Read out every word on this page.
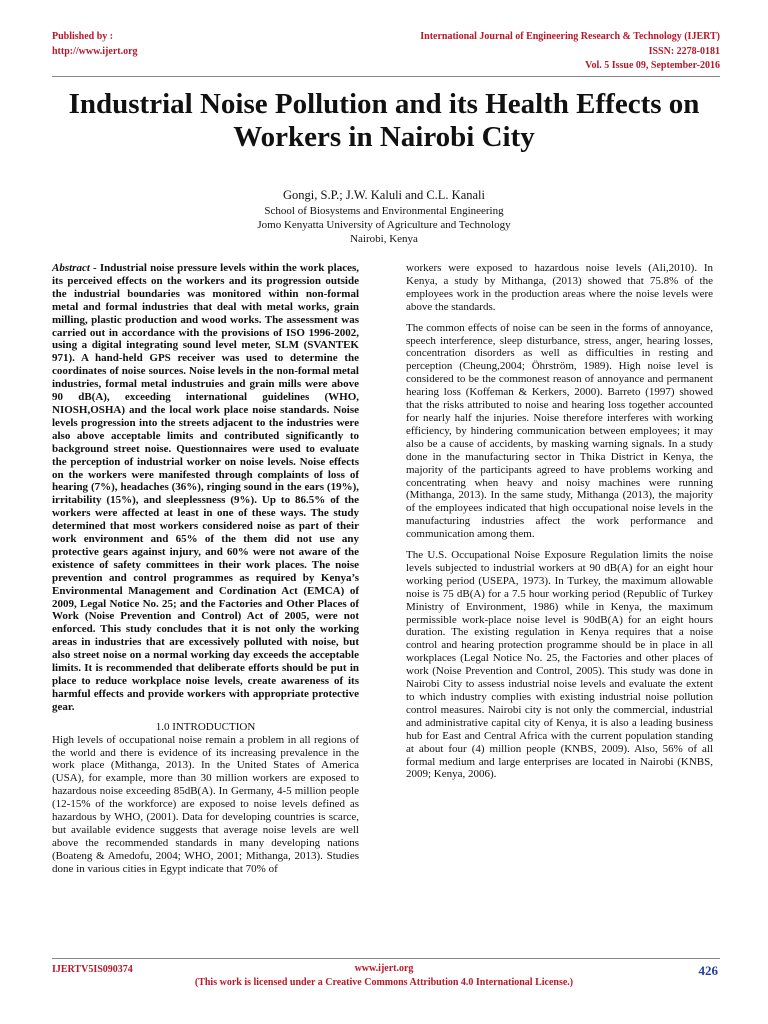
Published by :
http://www.ijert.org
International Journal of Engineering Research & Technology (IJERT)
ISSN: 2278-0181
Vol. 5 Issue 09, September-2016
Industrial Noise Pollution and its Health Effects on Workers in Nairobi City
Gongi, S.P.; J.W. Kaluli and C.L. Kanali
School of Biosystems and Environmental Engineering
Jomo Kenyatta University of Agriculture and Technology
Nairobi, Kenya

Abstract - Industrial noise pressure levels within the work places, its perceived effects on the workers and its progression outside the industrial boundaries was monitored within non-formal metal and formal industries that deal with metal works, grain milling, plastic production and wood works. The assessment was carried out in accordance with the provisions of ISO 1996-2002, using a digital integrating sound level meter, SLM (SVANTEK 971). A hand-held GPS receiver was used to determine the coordinates of noise sources. Noise levels in the non-formal metal industries, formal metal industruies and grain mills were above 90 dB(A), exceeding international guidelines (WHO, NIOSH,OSHA) and the local work place noise standards. Noise levels progression into the streets adjacent to the industries were also above acceptable limits and contributed significantly to background street noise. Questionnaires were used to evaluate the perception of industrial worker on noise levels. Noise effects on the workers were manifested through complaints of loss of hearing (7%), headaches (36%), ringing sound in the ears (19%), irritability (15%), and sleeplessness (9%). Up to 86.5% of the workers were affected at least in one of these ways. The study determined that most workers considered noise as part of their work environment and 65% of the them did not use any protective gears against injury, and 60% were not aware of the existence of safety committees in their work places. The noise prevention and control programmes as required by Kenya’s Environmental Management and Cordination Act (EMCA) of 2009, Legal Notice No. 25; and the Factories and Other Places of Work (Noise Prevention and Control) Act of 2005, were not enforced. This study concludes that it is not only the working areas in industries that are excessively polluted with noise, but also street noise on a normal working day exceeds the acceptable limits. It is recommended that deliberate efforts should be put in place to reduce workplace noise levels, create awareness of its harmful effects and provide workers with appropriate protective gear.

1.0 INTRODUCTION

High levels of occupational noise remain a problem in all regions of the world and there is evidence of its increasing prevalence in the work place (Mithanga, 2013). In the United States of America (USA), for example, more than 30 million workers are exposed to hazardous noise exceeding 85dB(A). In Germany, 4-5 million people (12-15% of the workforce) are exposed to noise levels defined as hazardous by WHO, (2001). Data for developing countries is scarce, but available evidence suggests that average noise levels are well above the recommended standards in many developing nations (Boateng & Amedofu, 2004; WHO, 2001; Mithanga, 2013). Studies done in various cities in Egypt indicate that 70% of

workers were exposed to hazardous noise levels (Ali,2010). In Kenya, a study by Mithanga, (2013) showed that 75.8% of the employees work in the production areas where the noise levels were above the standards.

The common effects of noise can be seen in the forms of annoyance, speech interference, sleep disturbance, stress, anger, hearing losses, concentration disorders as well as difficulties in resting and perception (Cheung,2004; Öhrström, 1989). High noise level is considered to be the commonest reason of annoyance and permanent hearing loss (Koffeman & Kerkers, 2000). Barreto (1997) showed that the risks attributed to noise and hearing loss together accounted for nearly half the injuries. Noise therefore interferes with working efficiency, by hindering communication between employees; it may also be a cause of accidents, by masking warning signals. In a study done in the manufacturing sector in Thika District in Kenya, the majority of the participants agreed to have problems working and concentrating when heavy and noisy machines were running (Mithanga, 2013). In the same study, Mithanga (2013), the majority of the employees indicated that high occupational noise levels in the manufacturing industries affect the work performance and communication among them.

The U.S. Occupational Noise Exposure Regulation limits the noise levels subjected to industrial workers at 90 dB(A) for an eight hour working period (USEPA, 1973). In Turkey, the maximum allowable noise is 75 dB(A) for a 7.5 hour working period (Republic of Turkey Ministry of Environment, 1986) while in Kenya, the maximum permissible work-place noise level is 90dB(A) for an eight hours duration. The existing regulation in Kenya requires that a noise control and hearing protection programme should be in place in all workplaces (Legal Notice No. 25, the Factories and other places of work (Noise Prevention and Control, 2005). This study was done in Nairobi City to assess industrial noise levels and evaluate the extent to which industry complies with existing industrial noise pollution control measures. Nairobi city is not only the commercial, industrial and administrative capital city of Kenya, it is also a leading business hub for East and Central Africa with the current population standing at about four (4) million people (KNBS, 2009). Also, 56% of all formal medium and large enterprises are located in Nairobi (KNBS, 2009; Kenya, 2006).

IJERTV5IS090374	www.ijert.org
(This work is licensed under a Creative Commons Attribution 4.0 International License.)
426
